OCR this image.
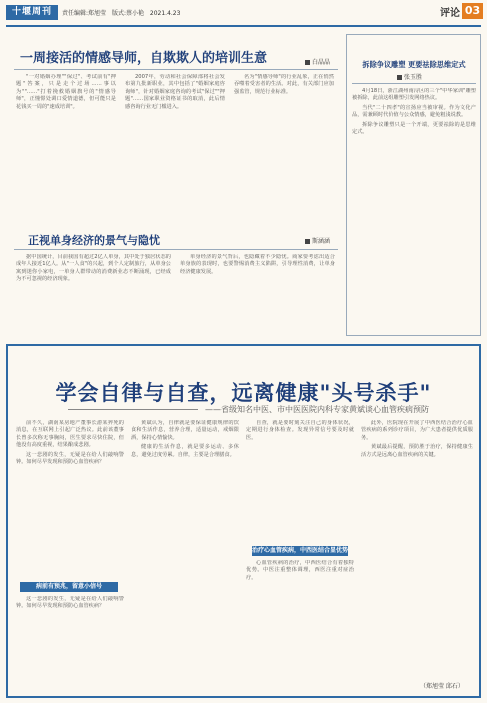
十堰周刊	责任编辑:郑旭莹 版式:蔡小艳 2021.4.23	评论 03
一周接活的情感导师，自欺欺人的培训生意	白晶晶

"一对婚姻办理""保过"、考试前有"押题"答案，只是走个过场……事以为""……"打着挽救婚姻旗号的"情感导师"，正憧憬处调口爱情道德，但可能只是花钱买一周的"速成培训"。

2007年，劳动和社会保障部将社会发布第九批新职业，其中包括了"婚姻家庭咨询师"，针对婚姻家庭咨询的考试"保过""押题"……国家职业资格证书的取消，此后情感咨询行业无门槛进入。

名为"情感导师"的行业乱象，正在悄然吞噬着受害者的生活。对此，有关部门应加强监管，规范行业标准。

正视单身经济的景气与隐忧	斯涵涵

据中国统计，目前我国有超过2亿人单身，其中处于独居状态的成年人接近1亿人。从"一人食"的兴起，到个人定制旅行，从单身公寓到迷你小家电，一单身人群带动的消费新业态不断涌现，已经成为不可忽视的经济现象。

单身经济的景气背后，也隐藏着不少隐忧。商家要考虑出适合单身族的表现时，也要警惕消费主义陷阱，引导理性消费，让单身经济健康发展。

拆除争议雕塑 更要祛除思维定式
张玉胜

4月18日，浙江湖州南浔区的三个"中华家训"雕塑被拆除，此前这组雕塑引发网络热议。

当代"二十四孝"的宣扬应当被审视。作为文化产品，需兼顾时代价值与公众情感，避免粗浅说教。

拆除争议雕塑只是一个开端，更要祛除的是思维定式。

学会自律与自查，远离健康"头号杀手"
——省级知名中医、市中医医院内科专家黄斌谈心血管疾病预防

前不久，湖南某房地产董事长游某猝死的消息，在互联网上引起广泛热议。此前该董事长曾多次称无事胸闷，医生要求尽快住院，但他没有高度重视，结果酿成悲剧。

这一悲剧的发生，无疑是在给人们敲响警钟。如何尽早发现和预防心血管疾病？

病前有预兆，留意小信号

这一悲剧的发生，无疑是在给人们敲响警钟。如何尽早发现和预防心血管疾病？

黄斌认为，自律就是要保证健康规律的饮食和生活作息，营养合理，适量运动，戒烟限酒，保持心情愉快。

健康的生活作息，就是要多运动、多休息，避免过度劳累。自律，主要是合理膳食。

自查，就是要时刻关注自己的身体状况，定期进行身体检查。发现异常信号要及时就医。

治疗心血管疾病，中西医结合显优势

心血管疾病的治疗，中西医结合有着独特优势。中医注重整体调理，西医注重对症治疗。

此外，医院现在开展了中西医结合治疗心血管疾病的系列诊疗项目，为广大患者提供优质服务。

黄斌最后提醒，预防胜于治疗，保持健康生活方式是远离心血管疾病的关键。

（郑旭莹 邱石）
